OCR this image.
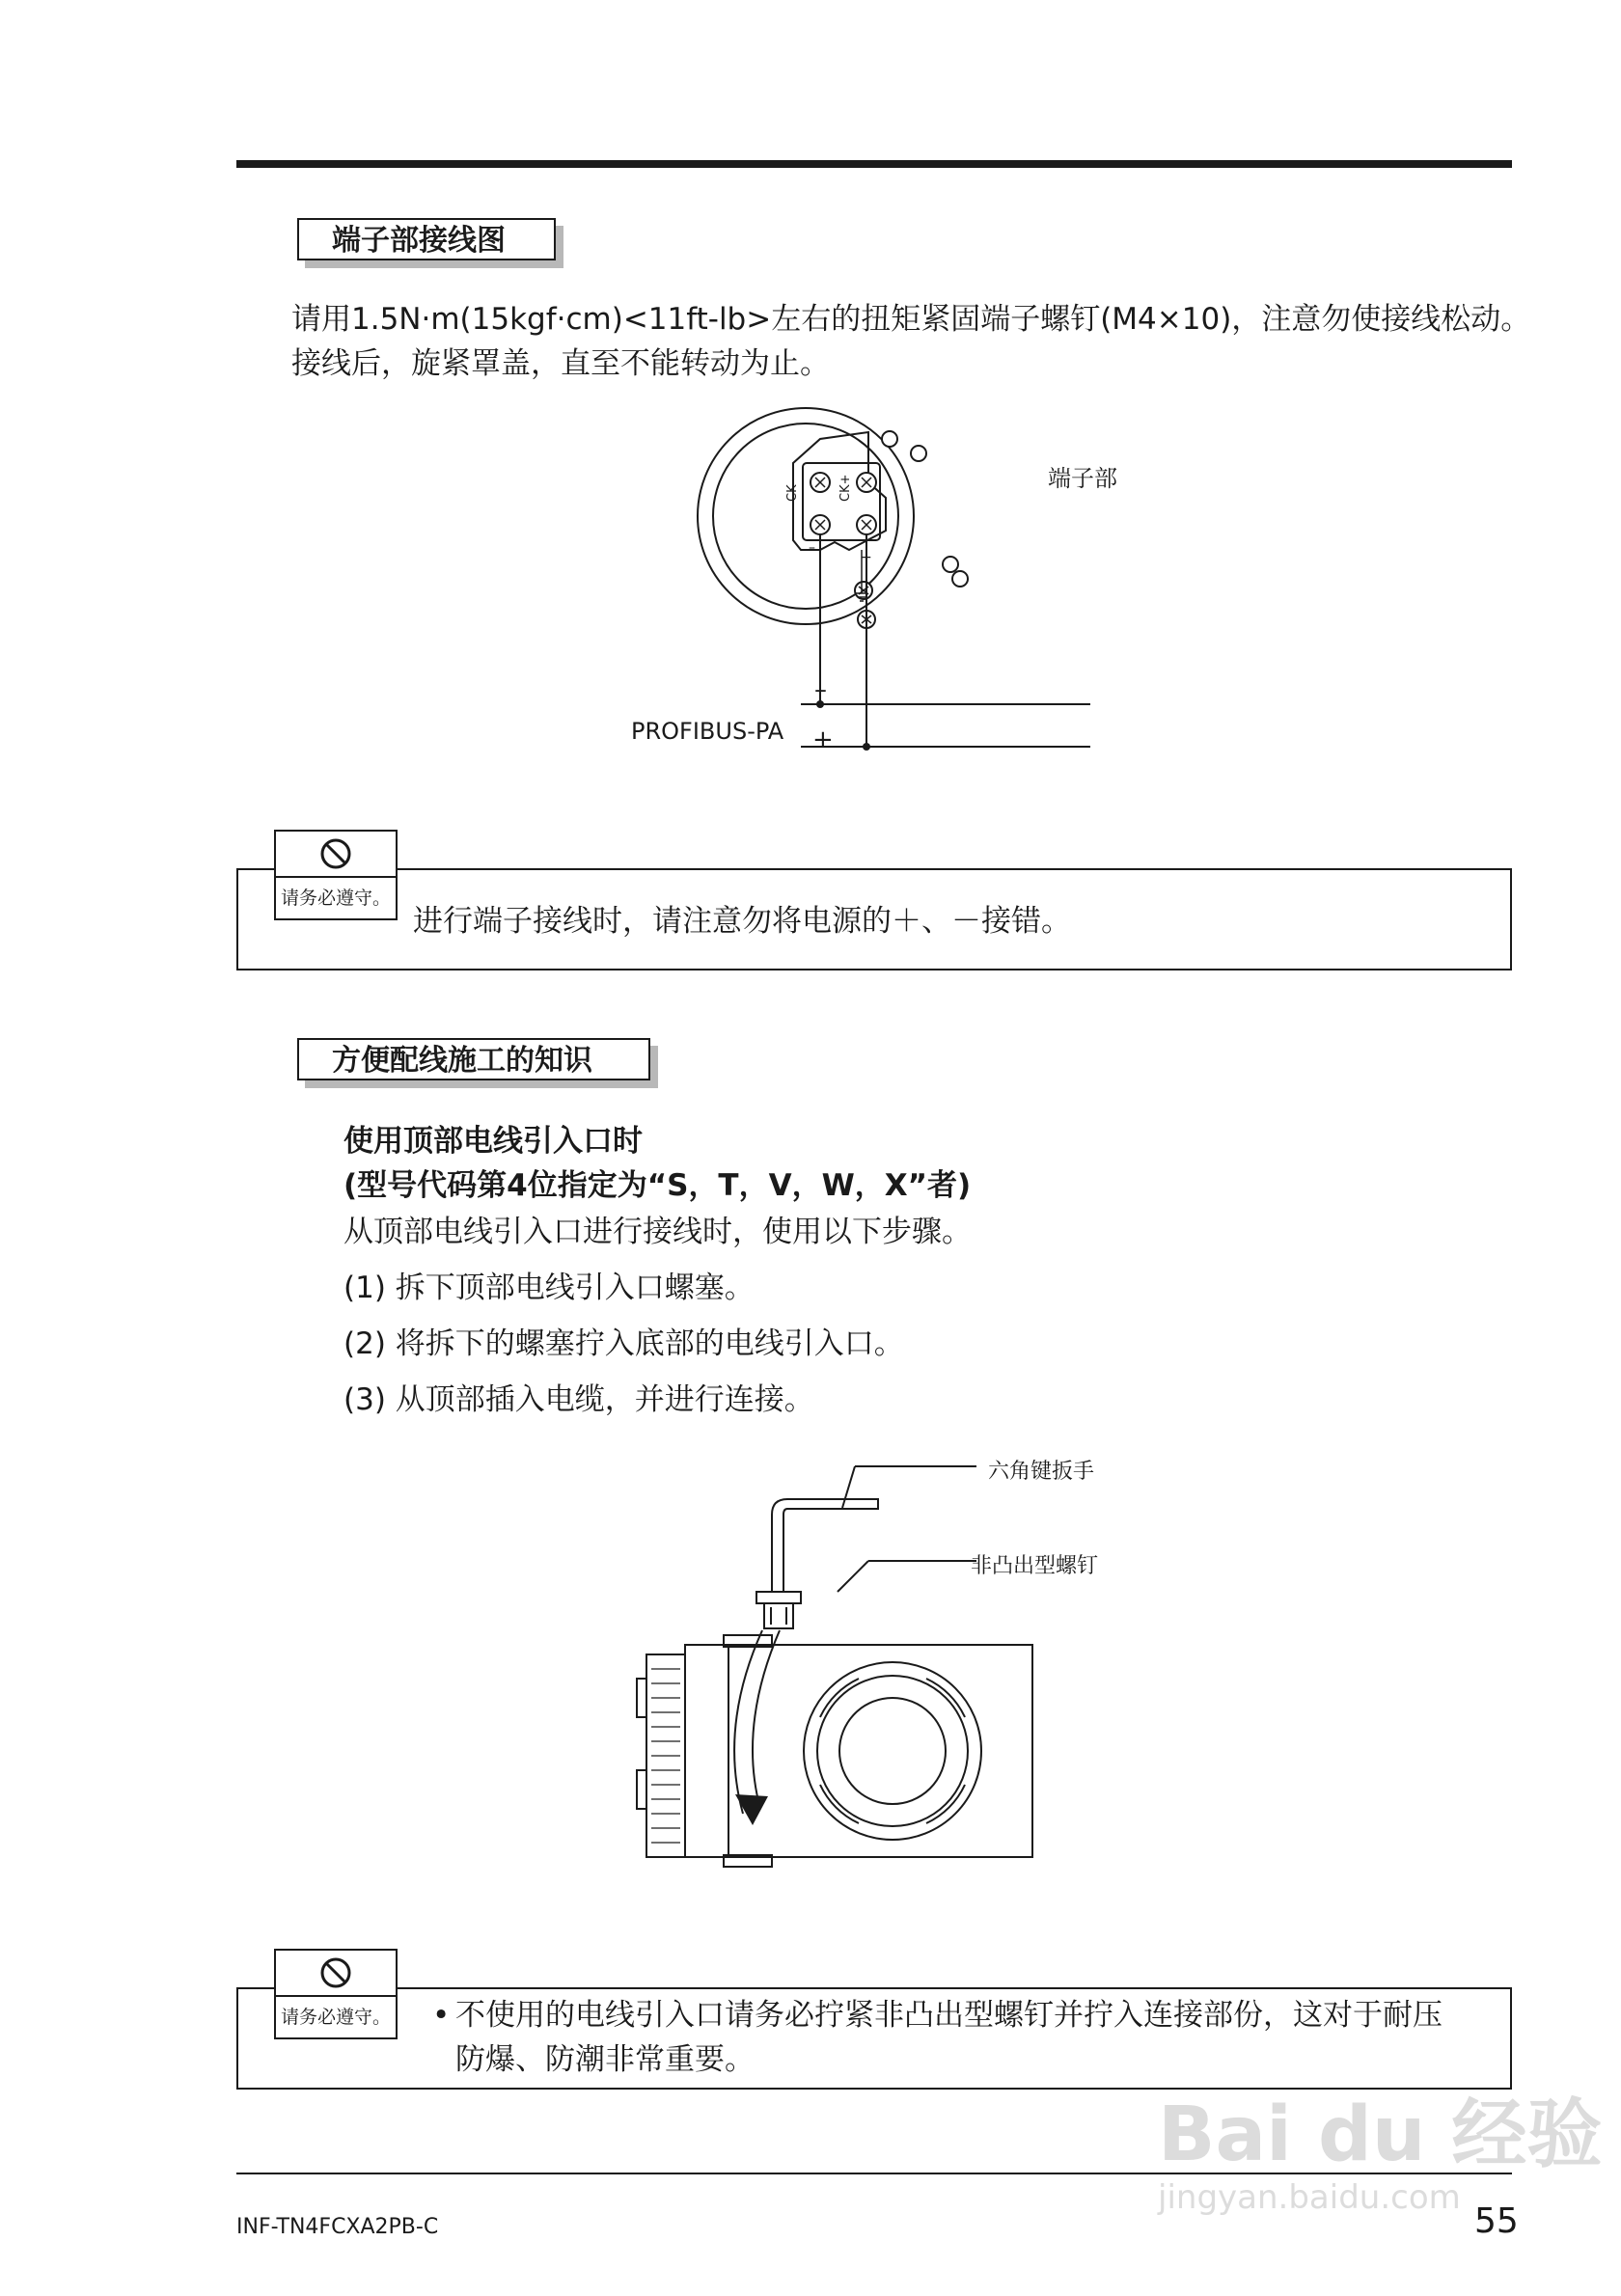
端子部接线图
请用1.5N·m(15kgf·cm)<11ft-lb>左右的扭矩紧固端子螺钉(M4×10)，注意勿使接线松动。
接线后，旋紧罩盖，直至不能转动为止。
CK–	CK+
–
+
端子部
–
+
PROFIBUS-PA
请务必遵守。
进行端子接线时，请注意勿将电源的＋、－接错。
方便配线施工的知识
使用顶部电线引入口时
(型号代码第4位指定为“S，T，V，W，X”者)
从顶部电线引入口进行接线时，使用以下步骤。
(1) 拆下顶部电线引入口螺塞。
(2) 将拆下的螺塞拧入底部的电线引入口。
(3) 从顶部插入电缆，并进行连接。
六角键扳手
非凸出型螺钉
请务必遵守。 • 不使用的电线引入口请务必拧紧非凸出型螺钉并拧入连接部份，这对于耐压
防爆、防潮非常重要。
INF-TN4FCXA2PB-C	55
Bai du 经验
jingyan.baidu.com
